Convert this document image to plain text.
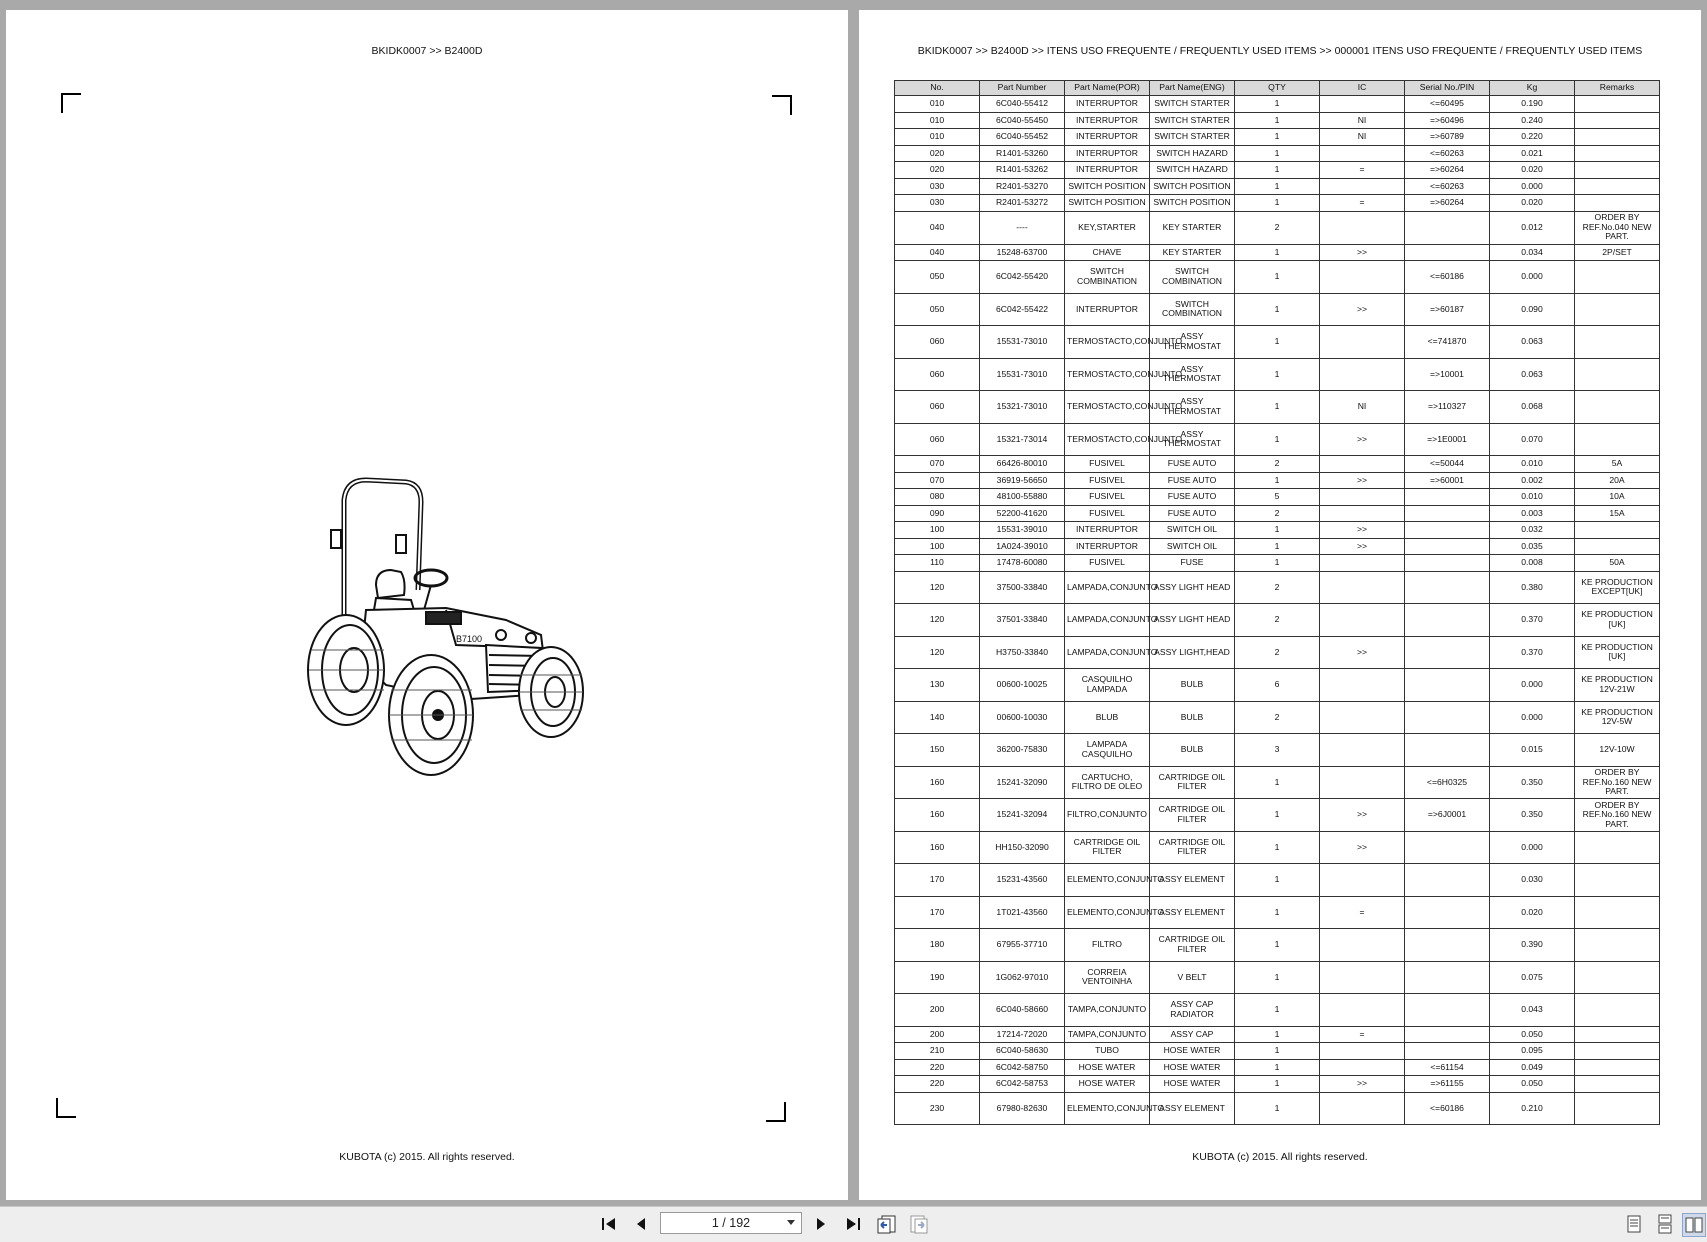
BKIDK0007 >> B2400D
B7100
KUBOTA (c) 2015. All rights reserved.
BKIDK0007 >> B2400D >> ITENS USO FREQUENTE / FREQUENTLY USED ITEMS >> 000001 ITENS USO FREQUENTE / FREQUENTLY USED ITEMS
No.	Part Number	Part Name(POR)	Part Name(ENG)	QTY	IC	Serial No./PIN	Kg	Remarks
010	6C040-55412	INTERRUPTOR	SWITCH STARTER	1		<=60495	0.190	
010	6C040-55450	INTERRUPTOR	SWITCH STARTER	1	NI	=>60496	0.240	
010	6C040-55452	INTERRUPTOR	SWITCH STARTER	1	NI	=>60789	0.220	
020	R1401-53260	INTERRUPTOR	SWITCH HAZARD	1		<=60263	0.021	
020	R1401-53262	INTERRUPTOR	SWITCH HAZARD	1	=	=>60264	0.020	
030	R2401-53270	SWITCH POSITION	SWITCH POSITION	1		<=60263	0.000	
030	R2401-53272	SWITCH POSITION	SWITCH POSITION	1	=	=>60264	0.020	
040	----	KEY,STARTER	KEY STARTER	2			0.012	ORDER BY REF.No.040 NEW PART.
040	15248-63700	CHAVE	KEY STARTER	1	>>		0.034	2P/SET
050	6C042-55420	SWITCH COMBINATION	SWITCH COMBINATION	1		<=60186	0.000	
050	6C042-55422	INTERRUPTOR	SWITCH COMBINATION	1	>>	=>60187	0.090	
060	15531-73010	TERMOSTACTO,CONJUNTO	ASSY THERMOSTAT	1		<=741870	0.063	
060	15531-73010	TERMOSTACTO,CONJUNTO	ASSY THERMOSTAT	1		=>10001	0.063	
060	15321-73010	TERMOSTACTO,CONJUNTO	ASSY THERMOSTAT	1	NI	=>110327	0.068	
060	15321-73014	TERMOSTACTO,CONJUNTO	ASSY THERMOSTAT	1	>>	=>1E0001	0.070	
070	66426-80010	FUSIVEL	FUSE AUTO	2		<=50044	0.010	5A
070	36919-56650	FUSIVEL	FUSE AUTO	1	>>	=>60001	0.002	20A
080	48100-55880	FUSIVEL	FUSE AUTO	5			0.010	10A
090	52200-41620	FUSIVEL	FUSE AUTO	2			0.003	15A
100	15531-39010	INTERRUPTOR	SWITCH OIL	1	>>		0.032	
100	1A024-39010	INTERRUPTOR	SWITCH OIL	1	>>		0.035	
110	17478-60080	FUSIVEL	FUSE	1			0.008	50A
120	37500-33840	LAMPADA,CONJUNTO	ASSY LIGHT HEAD	2			0.380	KE PRODUCTION EXCEPT[UK]
120	37501-33840	LAMPADA,CONJUNTO	ASSY LIGHT HEAD	2			0.370	KE PRODUCTION [UK]
120	H3750-33840	LAMPADA,CONJUNTO	ASSY LIGHT,HEAD	2	>>		0.370	KE PRODUCTION [UK]
130	00600-10025	CASQUILHO LAMPADA	BULB	6			0.000	KE PRODUCTION 12V-21W
140	00600-10030	BLUB	BULB	2			0.000	KE PRODUCTION 12V-5W
150	36200-75830	LAMPADA CASQUILHO	BULB	3			0.015	12V-10W
160	15241-32090	CARTUCHO, FILTRO DE OLEO	CARTRIDGE OIL FILTER	1		<=6H0325	0.350	ORDER BY REF.No.160 NEW PART.
160	15241-32094	FILTRO,CONJUNTO	CARTRIDGE OIL FILTER	1	>>	=>6J0001	0.350	ORDER BY REF.No.160 NEW PART.
160	HH150-32090	CARTRIDGE OIL FILTER	CARTRIDGE OIL FILTER	1	>>		0.000	
170	15231-43560	ELEMENTO,CONJUNTO	ASSY ELEMENT	1			0.030	
170	1T021-43560	ELEMENTO,CONJUNTO	ASSY ELEMENT	1	=		0.020	
180	67955-37710	FILTRO	CARTRIDGE OIL FILTER	1			0.390	
190	1G062-97010	CORREIA VENTOINHA	V BELT	1			0.075	
200	6C040-58660	TAMPA,CONJUNTO	ASSY CAP RADIATOR	1			0.043	
200	17214-72020	TAMPA,CONJUNTO	ASSY CAP	1	=		0.050	
210	6C040-58630	TUBO	HOSE WATER	1			0.095	
220	6C042-58750	HOSE WATER	HOSE WATER	1		<=61154	0.049	
220	6C042-58753	HOSE WATER	HOSE WATER	1	>>	=>61155	0.050	
230	67980-82630	ELEMENTO,CONJUNTO	ASSY ELEMENT	1		<=60186	0.210	
KUBOTA (c) 2015. All rights reserved.
1 / 192
